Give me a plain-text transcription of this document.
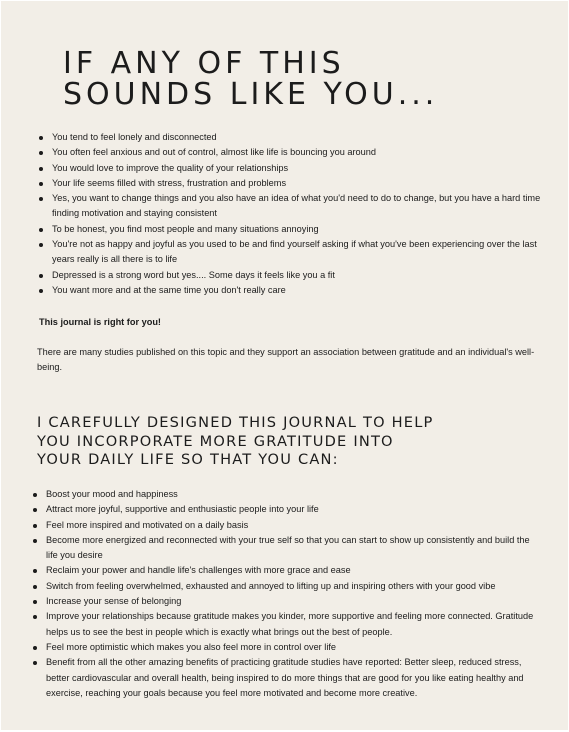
IF ANY OF THIS
SOUNDS LIKE YOU...
You tend to feel lonely and disconnected
You often feel anxious and out of control, almost like life is bouncing you around
You would love to improve the quality of your relationships
Your life seems filled with stress, frustration and problems
Yes, you want to change things and you also have an idea of what you'd need to do to change, but you have a hard time finding motivation and staying consistent
To be honest, you find most people and many situations annoying
You're not as happy and joyful as you used to be and find yourself asking if what you've been experiencing over the last years really is all there is to life
Depressed is a strong word but yes.... Some days it feels like you a fit
You want more and at the same time you don't really care
This journal is right for you!

There are many studies published on this topic and they support an association between gratitude and an individual's well-being.

I CAREFULLY DESIGNED THIS JOURNAL TO HELP
YOU INCORPORATE MORE GRATITUDE INTO
YOUR DAILY LIFE SO THAT YOU CAN:
Boost your mood and happiness
Attract more joyful, supportive and enthusiastic people into your life
Feel more inspired and motivated on a daily basis
Become more energized and reconnected with your true self so that you can start to show up consistently and build the life you desire
Reclaim your power and handle life's challenges with more grace and ease
Switch from feeling overwhelmed, exhausted and annoyed to lifting up and inspiring others with your good vibe
Increase your sense of belonging
Improve your relationships because gratitude makes you kinder, more supportive and feeling more connected. Gratitude helps us to see the best in people which is exactly what brings out the best of people.
Feel more optimistic which makes you also feel more in control over life
Benefit from all the other amazing benefits of practicing gratitude studies have reported: Better sleep, reduced stress, better cardiovascular and overall health, being inspired to do more things that are good for you like eating healthy and exercise, reaching your goals because you feel more motivated and become more creative.
